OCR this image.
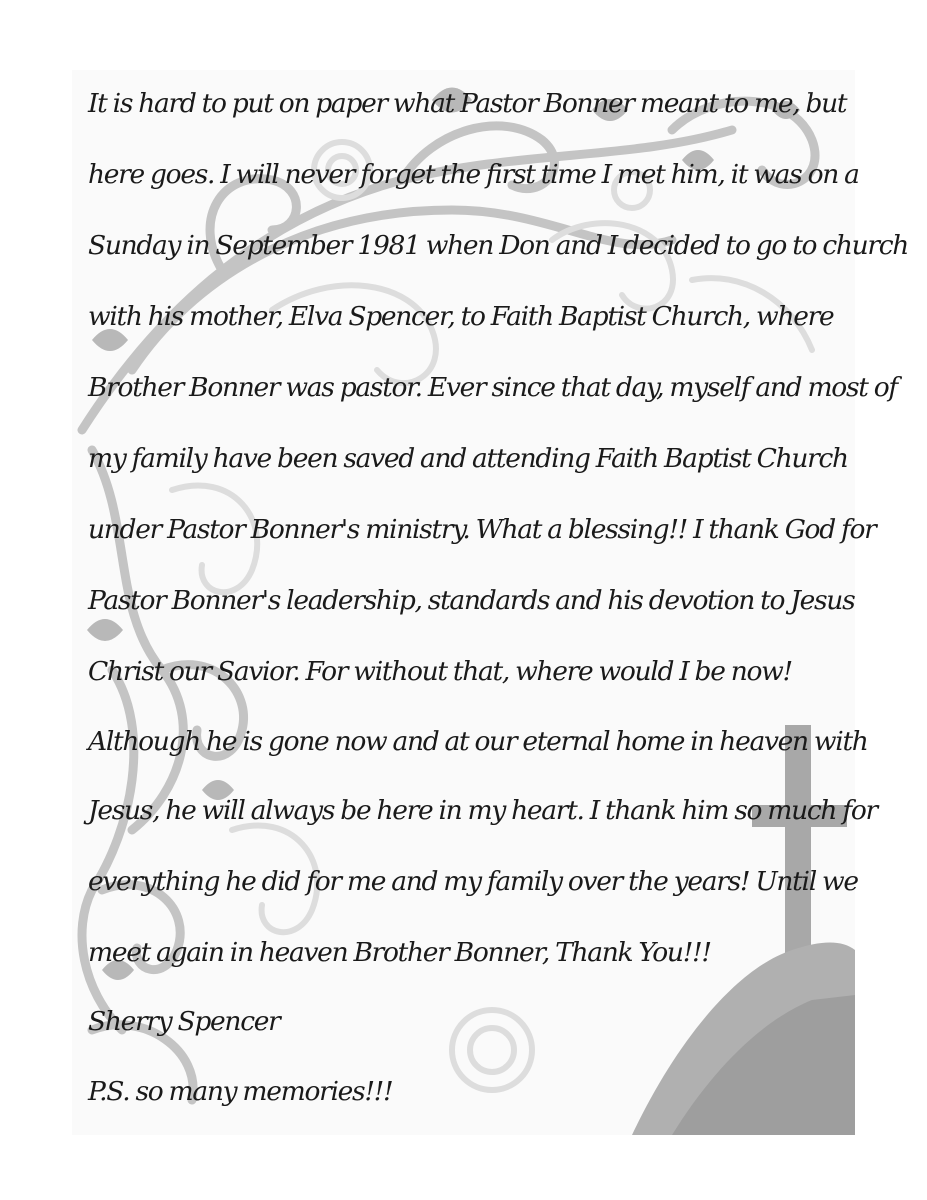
It is hard to put on paper what Pastor Bonner meant to me, but
here goes. I will never forget the first time I met him, it was on a
Sunday in September 1981 when Don and I decided to go to church
with his mother, Elva Spencer, to Faith Baptist Church, where
Brother Bonner was pastor. Ever since that day, myself and most of
my family have been saved and attending Faith Baptist Church
under Pastor Bonner's ministry. What a blessing!! I thank God for
Pastor Bonner's leadership, standards and his devotion to Jesus
Christ our Savior. For without that, where would I be now!
Although he is gone now and at our eternal home in heaven with
Jesus, he will always be here in my heart. I thank him so much for
everything he did for me and my family over the years! Until we
meet again in heaven Brother Bonner, Thank You!!!
Sherry Spencer
P.S. so many memories!!!
